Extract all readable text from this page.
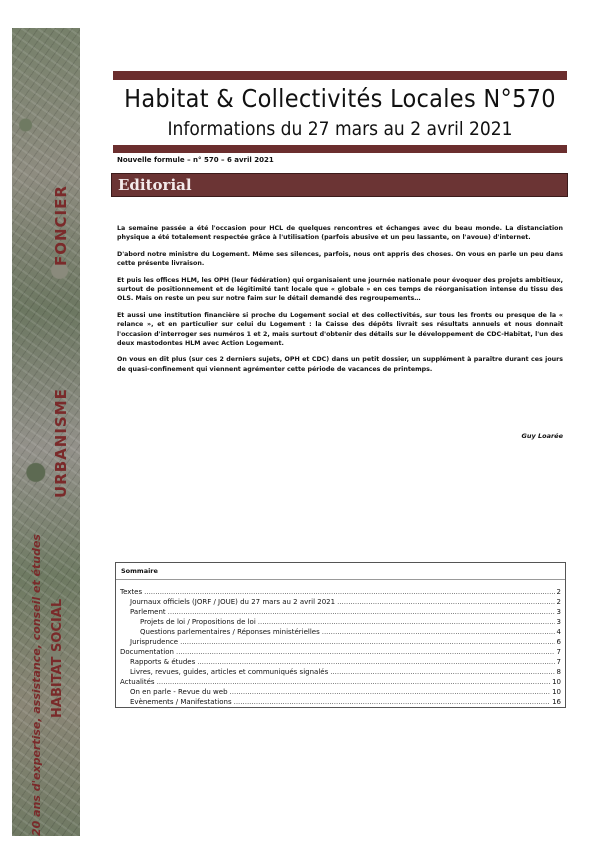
FONCIER
URBANISME
HABITAT SOCIAL
20 ans d'expertise, assistance, conseil et études
Habitat & Collectivités Locales N°570
Informations du 27 mars au 2 avril 2021
Nouvelle formule – n° 570 – 6 avril 2021
Editorial

La semaine passée a été l'occasion pour HCL de quelques rencontres et échanges avec du beau monde. La distanciation physique a été totalement respectée grâce à l'utilisation (parfois abusive et un peu lassante, on l'avoue) d'internet.

D'abord notre ministre du Logement. Même ses silences, parfois, nous ont appris des choses. On vous en parle un peu dans cette présente livraison.

Et puis les offices HLM, les OPH (leur fédération) qui organisaient une journée nationale pour évoquer des projets ambitieux, surtout de positionnement et de légitimité tant locale que « globale » en ces temps de réorganisation intense du tissu des OLS. Mais on reste un peu sur notre faim sur le détail demandé des regroupements…

Et aussi une institution financière si proche du Logement social et des collectivités, sur tous les fronts ou presque de la « relance », et en particulier sur celui du Logement : la Caisse des dépôts livrait ses résultats annuels et nous donnait l'occasion d'interroger ses numéros 1 et 2, mais surtout d'obtenir des détails sur le développement de CDC-Habitat, l'un des deux mastodontes HLM avec Action Logement.

On vous en dit plus (sur ces 2 derniers sujets, OPH et CDC) dans un petit dossier, un supplément à paraître durant ces jours de quasi-confinement qui viennent agrémenter cette période de vacances de printemps.

Guy Loarée
Sommaire
Textes .....	2
Journaux officiels (JORF / JOUE) du 27 mars au 2 avril 2021 .....	2
Parlement .....	3
Projets de loi / Propositions de loi .....	3
Questions parlementaires / Réponses ministérielles .....	4
Jurisprudence .....	6
Documentation .....	7
Rapports & études .....	7
Livres, revues, guides, articles et communiqués signalés .....	8
Actualités .....	10
On en parle - Revue du web .....	10
Evènements / Manifestations .....	16
